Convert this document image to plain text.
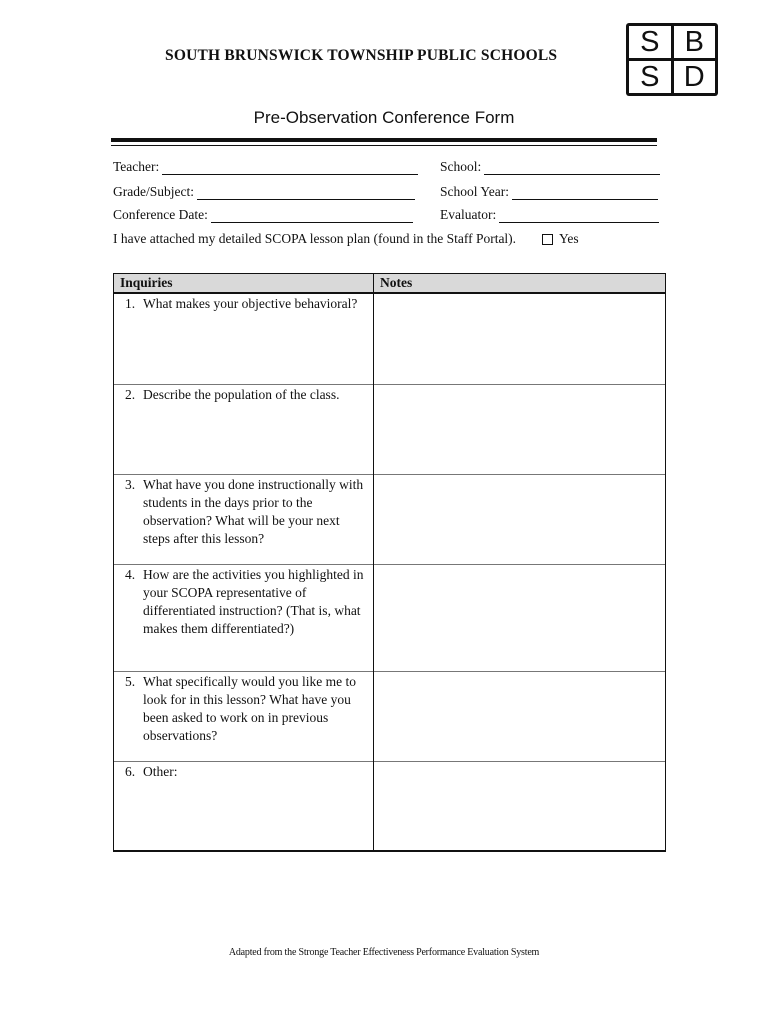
SOUTH BRUNSWICK TOWNSHIP PUBLIC SCHOOLS	S B
S D
Pre-Observation Conference Form
Teacher:
Grade/Subject:
Conference Date:
School:
School Year:
Evaluator:
I have attached my detailed SCOPA lesson plan (found in the Staff Portal).	Yes
Inquiries	Notes

1. What makes your objective behavioral?	

2. Describe the population of the class.	

3. What have you done instructionally with students in the days prior to the observation? What will be your next steps after this lesson?	

4. How are the activities you highlighted in your SCOPA representative of differentiated instruction? (That is, what makes them differentiated?)	

5. What specifically would you like me to look for in this lesson? What have you been asked to work on in previous observations?	

6. Other:	

Adapted from the Stronge Teacher Effectiveness Performance Evaluation System
